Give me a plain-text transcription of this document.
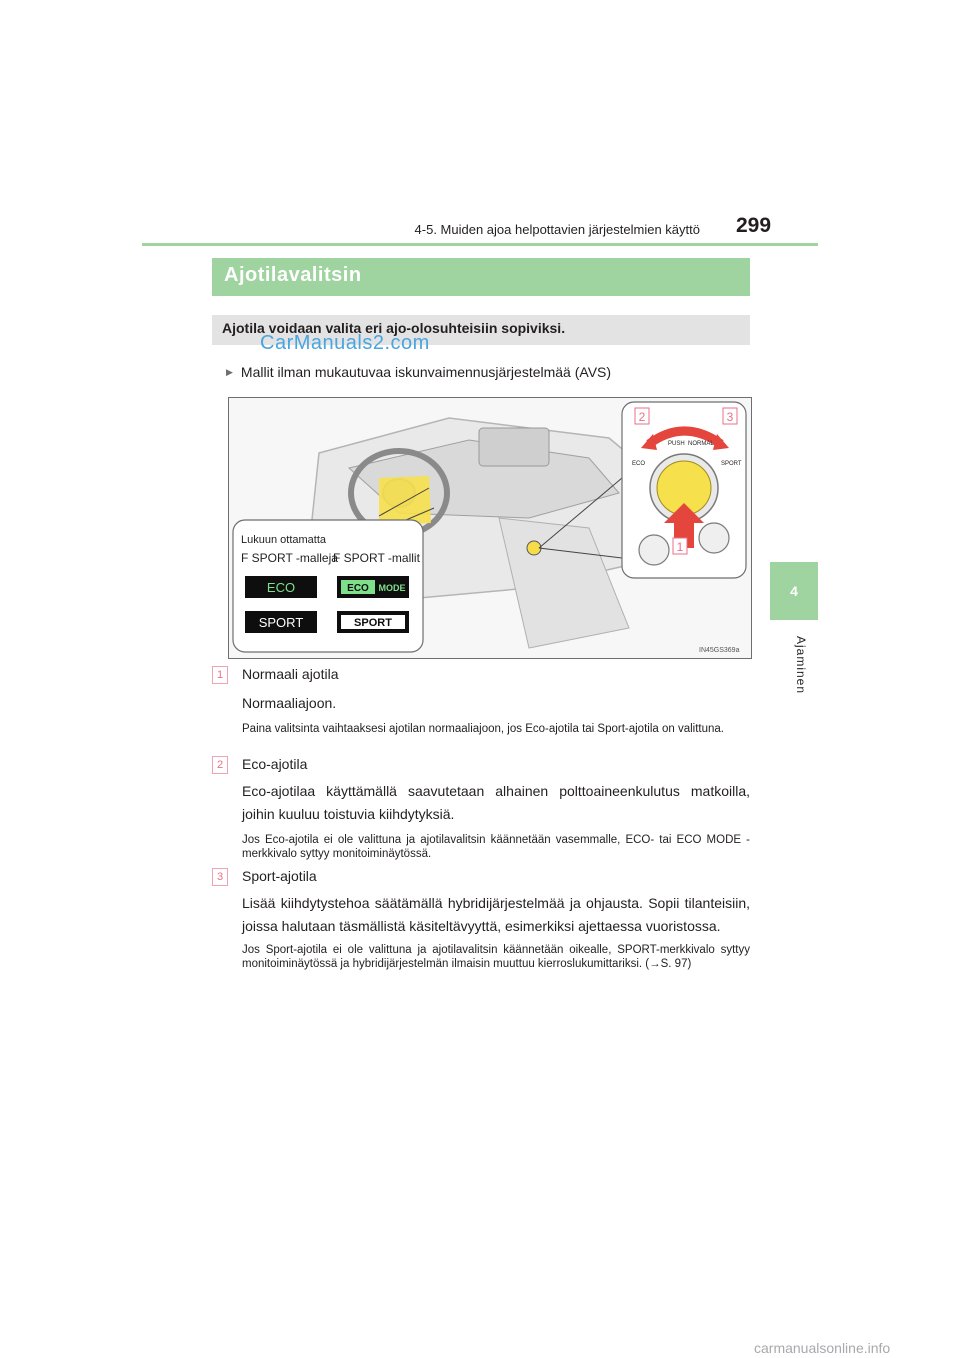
4-5. Muiden ajoa helpottavien järjestelmien käyttö 299
4
Ajaminen
Ajotilavalitsin
Ajotila voidaan valita eri ajo-olosuhteisiin sopiviksi.
CarManuals2.com
▶ Mallit ilman mukautuvaa iskunvaimennusjärjestelmää (AVS)
Lukuun ottamatta
F SPORT -malleja
F SPORT -mallit
ECO	ECO MODE
SPORT	SPORT
PUSH NORMAL
ECO	SPORT
2	3
1
IN45GS369a
1	Normaali ajotila
Normaaliajoon.
Paina valitsinta vaihtaaksesi ajotilan normaaliajoon, jos Eco-ajotila tai Sport-ajotila on valittuna.
2	Eco-ajotila
Eco-ajotilaa käyttämällä saavutetaan alhainen polttoaineenkulutus matkoilla, joihin kuuluu toistuvia kiihdytyksiä.
Jos Eco-ajotila ei ole valittuna ja ajotilavalitsin käännetään vasemmalle, ECO- tai ECO MODE -merkkivalo syttyy monitoiminäytössä.
3	Sport-ajotila
Lisää kiihdytystehoa säätämällä hybridijärjestelmää ja ohjausta. Sopii tilanteisiin, joissa halutaan täsmällistä käsiteltävyyttä, esimerkiksi ajettaessa vuoristossa.
Jos Sport-ajotila ei ole valittuna ja ajotilavalitsin käännetään oikealle, SPORT-merkkivalo syttyy monitoiminäytössä ja hybridijärjestelmän ilmaisin muuttuu kierroslukumittariksi. (→S. 97)
carmanualsonline.info
